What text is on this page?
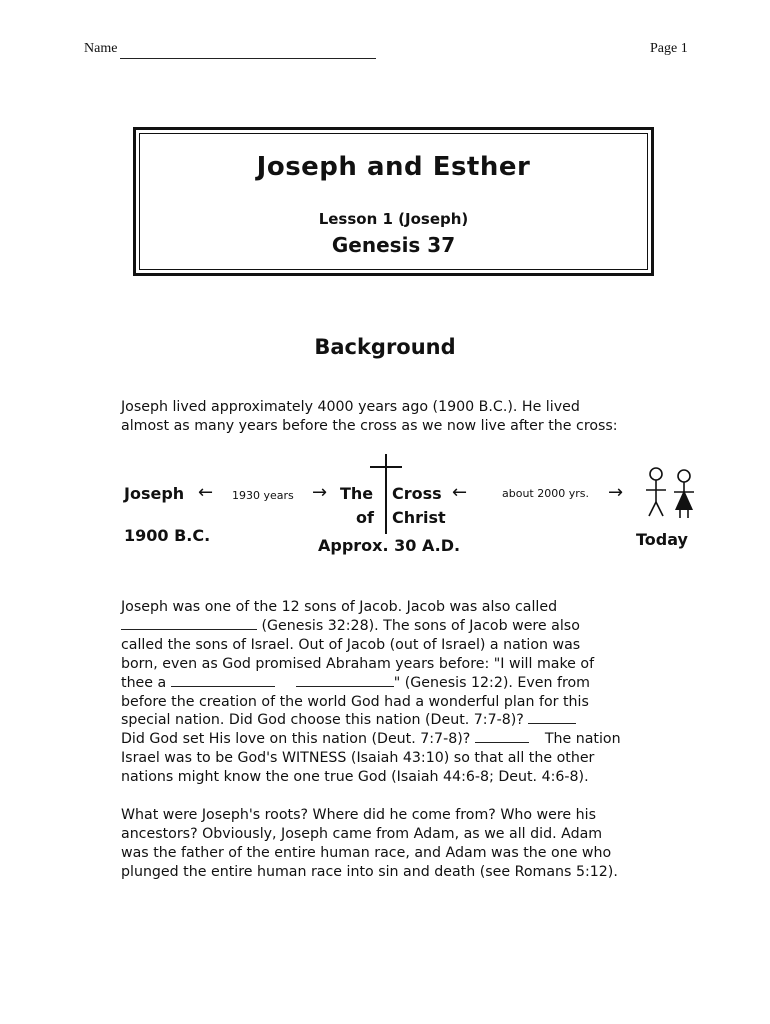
Name	Page 1
Joseph and Esther
Lesson 1 (Joseph)
Genesis 37
Background

Joseph lived approximately 4000 years ago (1900 B.C.). He lived

almost as many years before the cross as we now live after the cross:

Joseph ← 1930 years → The Cross ←	about 2000 yrs. →
of Christ
1900 B.C.
Approx. 30 A.D.	Today

Joseph was one of the 12 sons of Jacob. Jacob was also called

(Genesis 32:28). The sons of Jacob were also

called the sons of Israel. Out of Jacob (out of Israel) a nation was

born, even as God promised Abraham years before: "I will make of

thee a	" (Genesis 12:2). Even from

before the creation of the world God had a wonderful plan for this

special nation. Did God choose this nation (Deut. 7:7-8)?

Did God set His love on this nation (Deut. 7:7-8)?	The nation

Israel was to be God's WITNESS (Isaiah 43:10) so that all the other

nations might know the one true God (Isaiah 44:6-8; Deut. 4:6-8).

What were Joseph's roots? Where did he come from? Who were his

ancestors? Obviously, Joseph came from Adam, as we all did. Adam

was the father of the entire human race, and Adam was the one who

plunged the entire human race into sin and death (see Romans 5:12).
